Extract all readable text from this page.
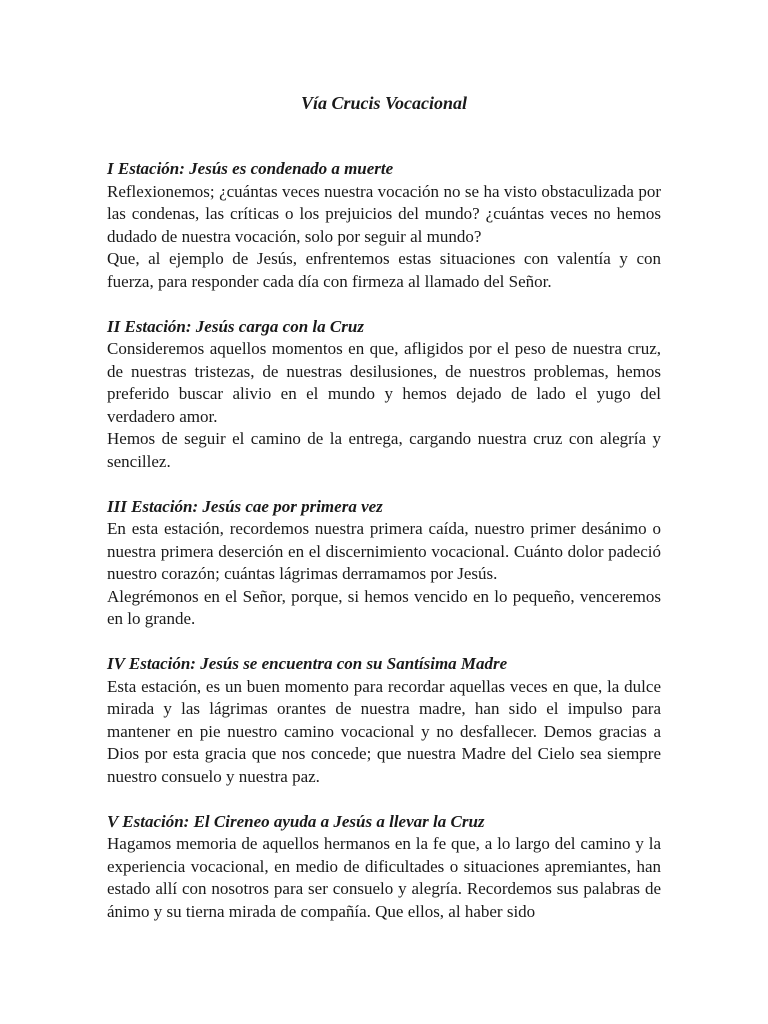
Vía Crucis Vocacional

I Estación: Jesús es condenado a muerte

Reflexionemos; ¿cuántas veces nuestra vocación no se ha visto obstaculizada por las condenas, las críticas o los prejuicios del mundo? ¿cuántas veces no hemos dudado de nuestra vocación, solo por seguir al mundo?

Que, al ejemplo de Jesús, enfrentemos estas situaciones con valentía y con fuerza, para responder cada día con firmeza al llamado del Señor.

II Estación: Jesús carga con la Cruz

Consideremos aquellos momentos en que, afligidos por el peso de nuestra cruz, de nuestras tristezas, de nuestras desilusiones, de nuestros problemas, hemos preferido buscar alivio en el mundo y hemos dejado de lado el yugo del verdadero amor.

Hemos de seguir el camino de la entrega, cargando nuestra cruz con alegría y sencillez.

III Estación: Jesús cae por primera vez

En esta estación, recordemos nuestra primera caída, nuestro primer desánimo o nuestra primera deserción en el discernimiento vocacional. Cuánto dolor padeció nuestro corazón; cuántas lágrimas derramamos por Jesús.

Alegrémonos en el Señor, porque, si hemos vencido en lo pequeño, venceremos en lo grande.

IV Estación: Jesús se encuentra con su Santísima Madre

Esta estación, es un buen momento para recordar aquellas veces en que, la dulce mirada y las lágrimas orantes de nuestra madre, han sido el impulso para mantener en pie nuestro camino vocacional y no desfallecer. Demos gracias a Dios por esta gracia que nos concede; que nuestra Madre del Cielo sea siempre nuestro consuelo y nuestra paz.

V Estación: El Cireneo ayuda a Jesús a llevar la Cruz

Hagamos memoria de aquellos hermanos en la fe que, a lo largo del camino y la experiencia vocacional, en medio de dificultades o situaciones apremiantes, han estado allí con nosotros para ser consuelo y alegría. Recordemos sus palabras de ánimo y su tierna mirada de compañía. Que ellos, al haber sido
